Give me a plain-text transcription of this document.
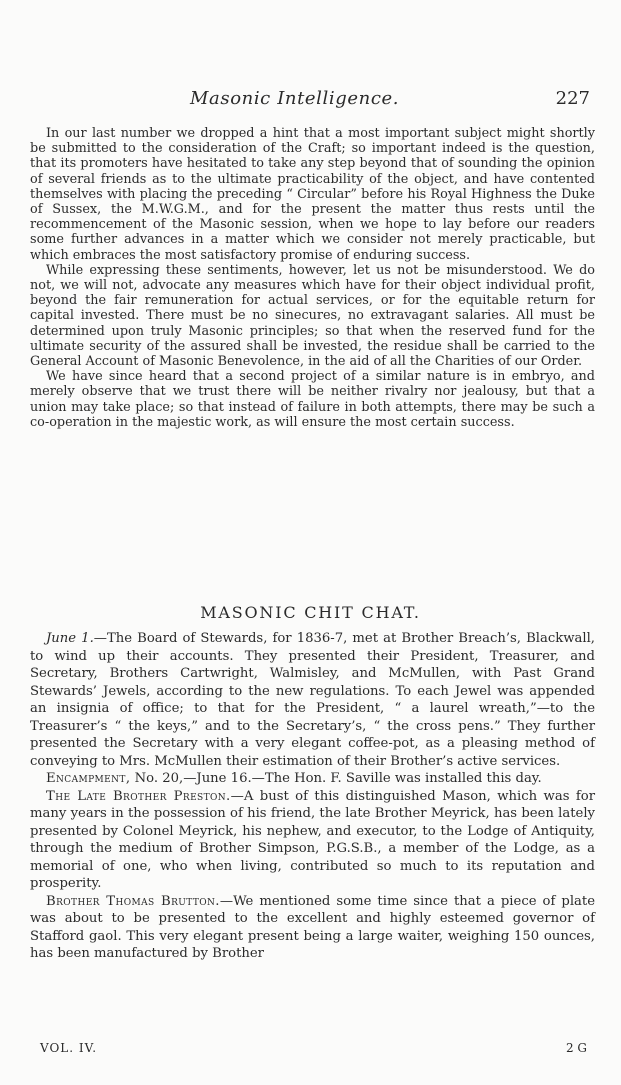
Masonic Intelligence.	227

In our last number we dropped a hint that a most important subject might shortly be submitted to the consideration of the Craft; so important indeed is the question, that its promoters have hesitated to take any step beyond that of sounding the opinion of several friends as to the ultimate practicability of the object, and have contented themselves with placing the preceding “ Circular” before his Royal Highness the Duke of Sussex, the M.W.G.M., and for the present the matter thus rests until the recommencement of the Masonic session, when we hope to lay before our readers some further advances in a matter which we consider not merely practicable, but which embraces the most satisfactory promise of enduring success.

While expressing these sentiments, however, let us not be misunderstood. We do not, we will not, advocate any measures which have for their object individual profit, beyond the fair remuneration for actual services, or for the equitable return for capital invested. There must be no sinecures, no extravagant salaries. All must be determined upon truly Masonic principles; so that when the reserved fund for the ultimate security of the assured shall be invested, the residue shall be carried to the General Account of Masonic Benevolence, in the aid of all the Charities of our Order.

We have since heard that a second project of a similar nature is in embryo, and merely observe that we trust there will be neither rivalry nor jealousy, but that a union may take place; so that instead of failure in both attempts, there may be such a co-operation in the majestic work, as will ensure the most certain success.

MASONIC CHIT CHAT.

June 1.—The Board of Stewards, for 1836-7, met at Brother Breach’s, Blackwall, to wind up their accounts. They presented their President, Treasurer, and Secretary, Brothers Cartwright, Walmisley, and McMullen, with Past Grand Stewards’ Jewels, according to the new regulations. To each Jewel was appended an insignia of office; to that for the President, “ a laurel wreath,”—to the Treasurer’s “ the keys,” and to the Secretary’s, “ the cross pens.” They further presented the Secretary with a very elegant coffee-pot, as a pleasing method of conveying to Mrs. McMullen their estimation of their Brother’s active services.

Encampment, No. 20,—June 16.—The Hon. F. Saville was installed this day.

The Late Brother Preston.—A bust of this distinguished Mason, which was for many years in the possession of his friend, the late Brother Meyrick, has been lately presented by Colonel Meyrick, his nephew, and executor, to the Lodge of Antiquity, through the medium of Brother Simpson, P.G.S.B., a member of the Lodge, as a memorial of one, who when living, contributed so much to its reputation and prosperity.

Brother Thomas Brutton.—We mentioned some time since that a piece of plate was about to be presented to the excellent and highly esteemed governor of Stafford gaol. This very elegant present being a large waiter, weighing 150 ounces, has been manufactured by Brother

VOL. IV.	2 G
